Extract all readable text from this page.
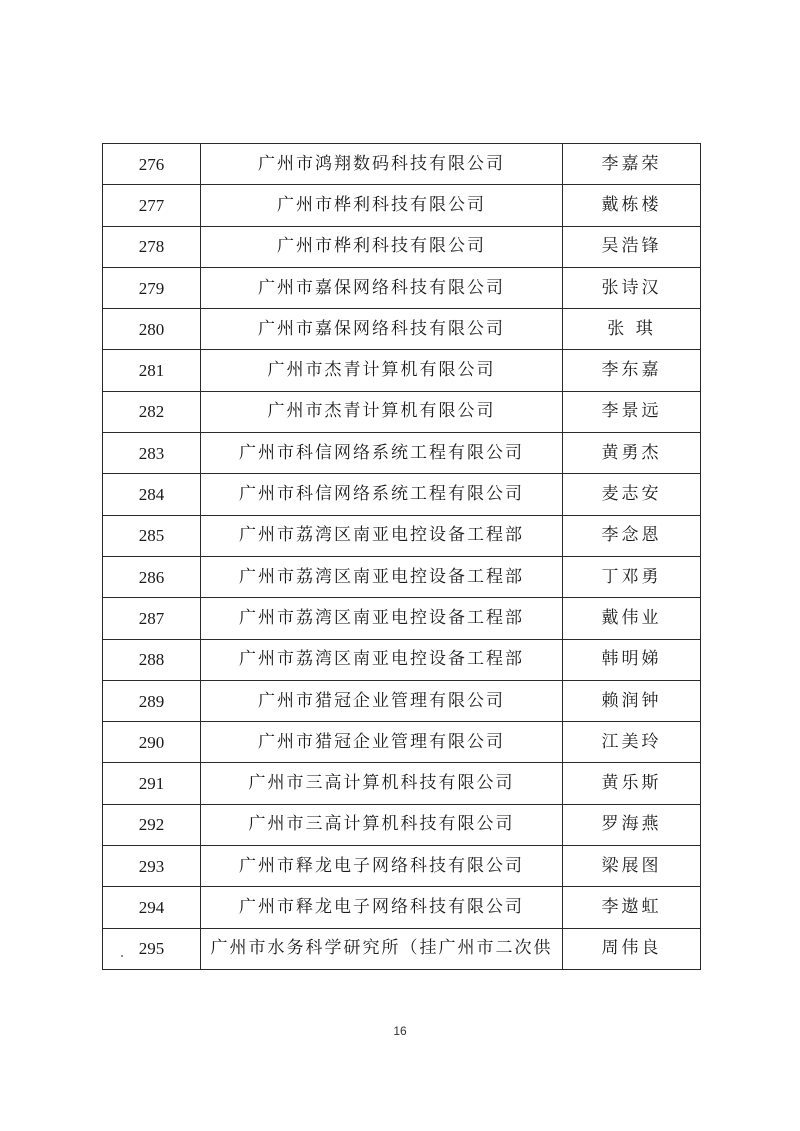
276	广州市鸿翔数码科技有限公司	李嘉荣
277	广州市桦利科技有限公司	戴栋楼
278	广州市桦利科技有限公司	吴浩锋
279	广州市嘉保网络科技有限公司	张诗汉
280	广州市嘉保网络科技有限公司	张 琪
281	广州市杰青计算机有限公司	李东嘉
282	广州市杰青计算机有限公司	李景远
283	广州市科信网络系统工程有限公司	黄勇杰
284	广州市科信网络系统工程有限公司	麦志安
285	广州市荔湾区南亚电控设备工程部	李念恩
286	广州市荔湾区南亚电控设备工程部	丁邓勇
287	广州市荔湾区南亚电控设备工程部	戴伟业
288	广州市荔湾区南亚电控设备工程部	韩明娣
289	广州市猎冠企业管理有限公司	赖润钟
290	广州市猎冠企业管理有限公司	江美玲
291	广州市三高计算机科技有限公司	黄乐斯
292	广州市三高计算机科技有限公司	罗海燕
293	广州市释龙电子网络科技有限公司	梁展图
294	广州市释龙电子网络科技有限公司	李遨虹
295	广州市水务科学研究所（挂广州市二次供	周伟良
16
